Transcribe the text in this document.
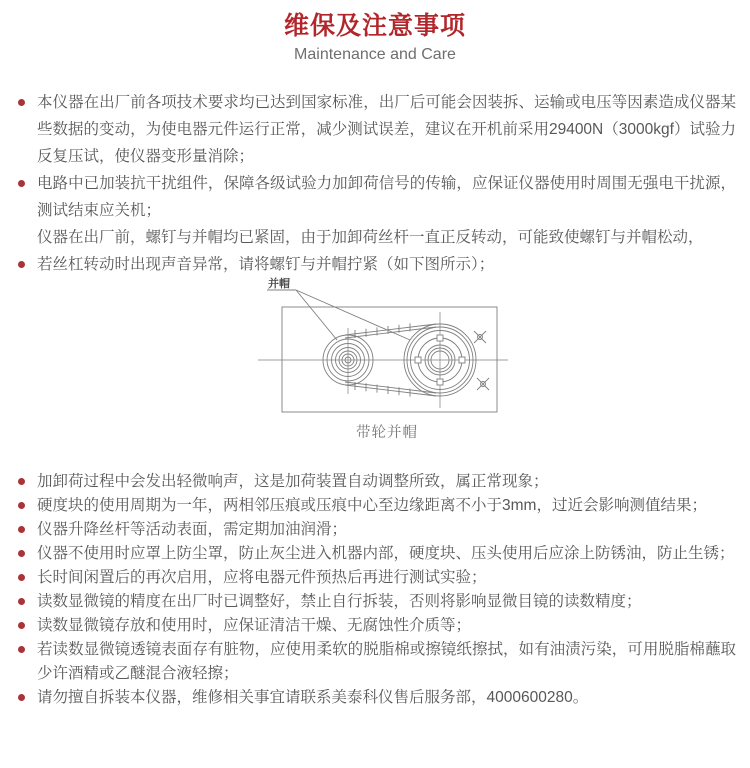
维保及注意事项
Maintenance and Care
本仪器在出厂前各项技术要求均已达到国家标准，出厂后可能会因装拆、运输或电压等因素造成仪器某些数据的变动，为使电器元件运行正常，减少测试误差，建议在开机前采用29400N（3000kgf）试验力反复压试，使仪器变形量消除；
电路中已加装抗干扰组件，保障各级试验力加卸荷信号的传输，应保证仪器使用时周围无强电干扰源，测试结束应关机；
仪器在出厂前，螺钉与并帽均已紧固，由于加卸荷丝杆一直正反转动，可能致使螺钉与并帽松动，
若丝杠转动时出现声音异常，请将螺钉与并帽拧紧（如下图所示）；
并帽
带轮并帽
加卸荷过程中会发出轻微响声，这是加荷装置自动调整所致，属正常现象；
硬度块的使用周期为一年，两相邻压痕或压痕中心至边缘距离不小于3mm，过近会影响测值结果；
仪器升降丝杆等活动表面，需定期加油润滑；
仪器不使用时应罩上防尘罩，防止灰尘进入机器内部，硬度块、压头使用后应涂上防锈油，防止生锈；
长时间闲置后的再次启用，应将电器元件预热后再进行测试实验；
读数显微镜的精度在出厂时已调整好，禁止自行拆装，否则将影响显微目镜的读数精度；
读数显微镜存放和使用时，应保证清洁干燥、无腐蚀性介质等；
若读数显微镜透镜表面存有脏物，应使用柔软的脱脂棉或擦镜纸擦拭，如有油渍污染，可用脱脂棉蘸取少许酒精或乙醚混合液轻擦；
请勿擅自拆装本仪器，维修相关事宜请联系美泰科仪售后服务部，4000600280。
